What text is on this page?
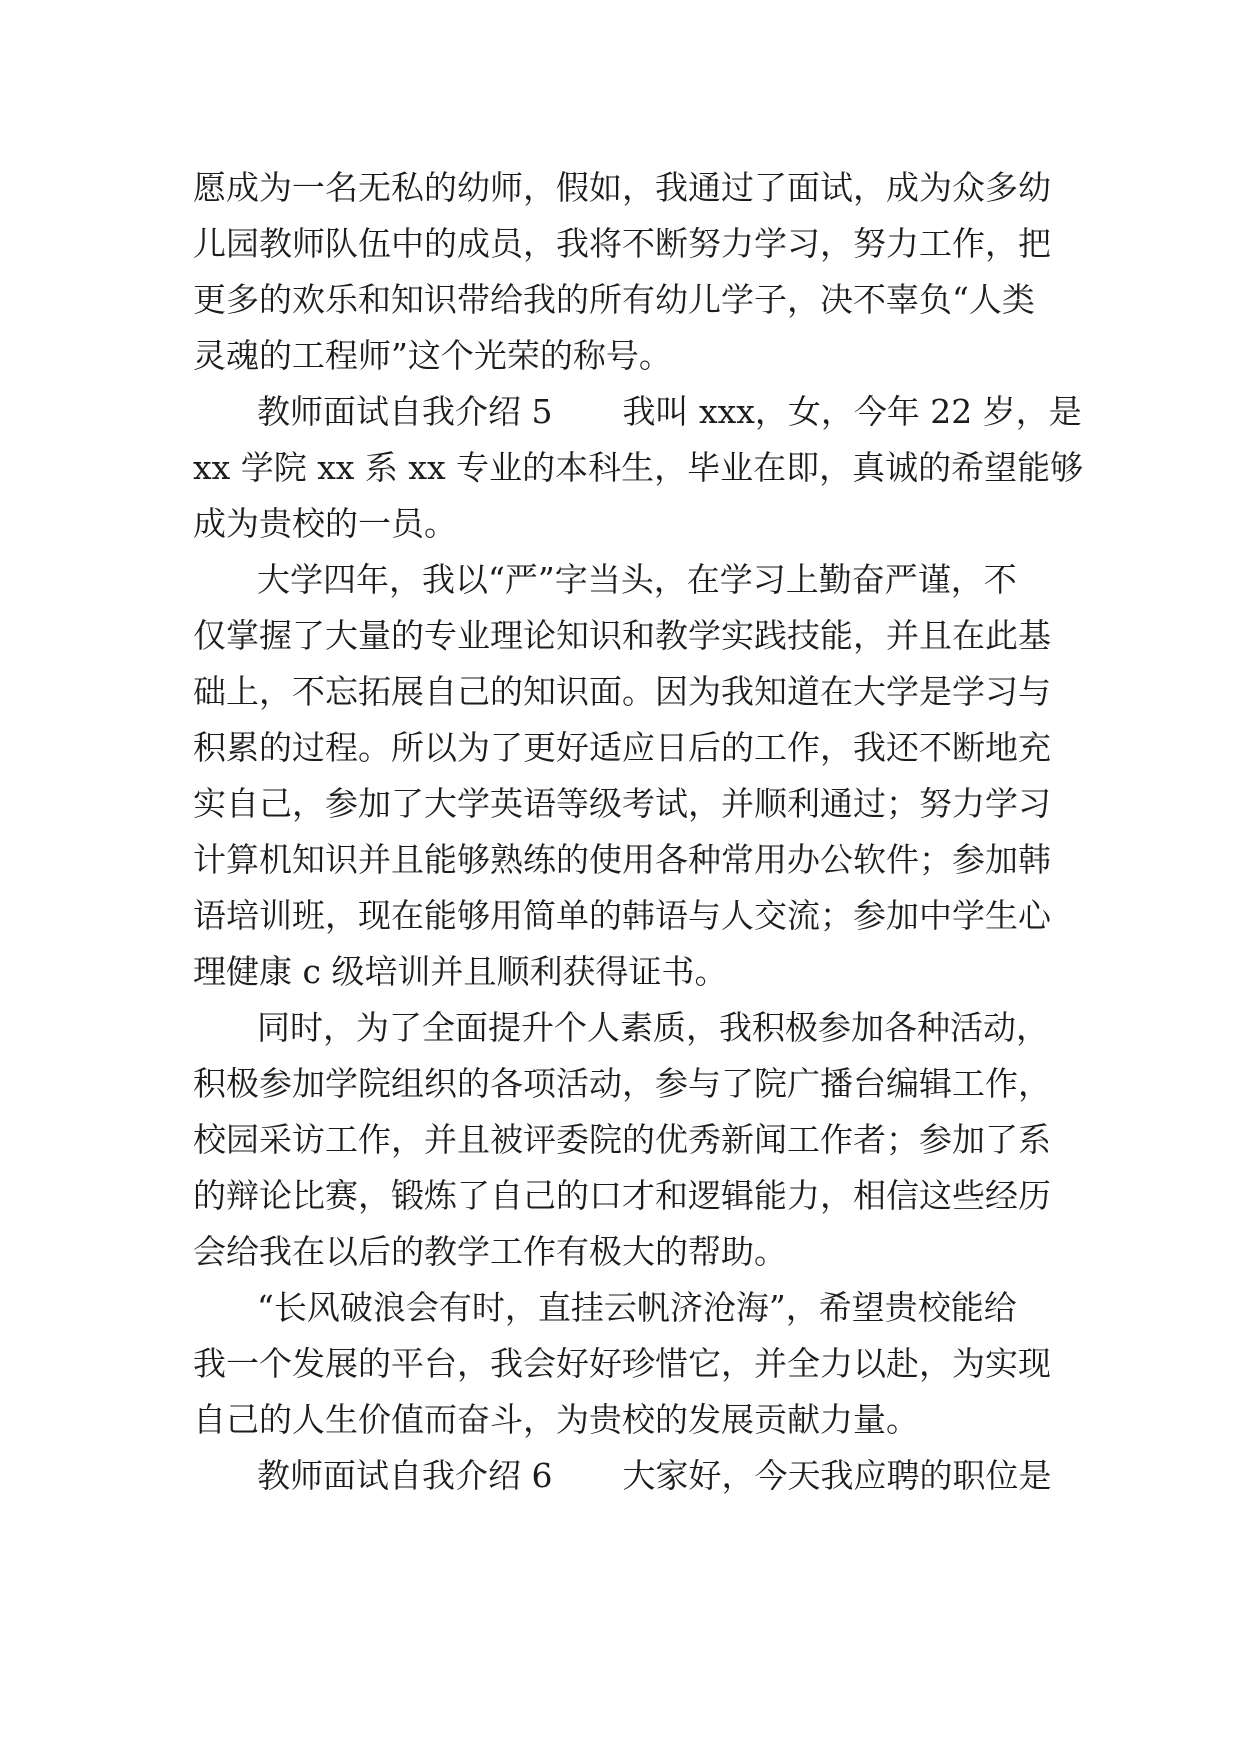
愿成为一名无私的幼师，假如，我通过了面试，成为众多幼
儿园教师队伍中的成员，我将不断努力学习，努力工作，把
更多的欢乐和知识带给我的所有幼儿学子，决不辜负“人类
灵魂的工程师”这个光荣的称号。
教师面试自我介绍 5 我叫 xxx，女，今年 22 岁，是
xx 学院 xx 系 xx 专业的本科生，毕业在即，真诚的希望能够
成为贵校的一员。
大学四年，我以“严”字当头，在学习上勤奋严谨，不
仅掌握了大量的专业理论知识和教学实践技能，并且在此基
础上，不忘拓展自己的知识面。因为我知道在大学是学习与
积累的过程。所以为了更好适应日后的工作，我还不断地充
实自己，参加了大学英语等级考试，并顺利通过；努力学习
计算机知识并且能够熟练的使用各种常用办公软件；参加韩
语培训班，现在能够用简单的韩语与人交流；参加中学生心
理健康 c 级培训并且顺利获得证书。
同时，为了全面提升个人素质，我积极参加各种活动，
积极参加学院组织的各项活动，参与了院广播台编辑工作，
校园采访工作，并且被评委院的优秀新闻工作者；参加了系
的辩论比赛，锻炼了自己的口才和逻辑能力，相信这些经历
会给我在以后的教学工作有极大的帮助。
“长风破浪会有时，直挂云帆济沧海”，希望贵校能给
我一个发展的平台，我会好好珍惜它，并全力以赴，为实现
自己的人生价值而奋斗，为贵校的发展贡献力量。
教师面试自我介绍 6 大家好，今天我应聘的职位是
